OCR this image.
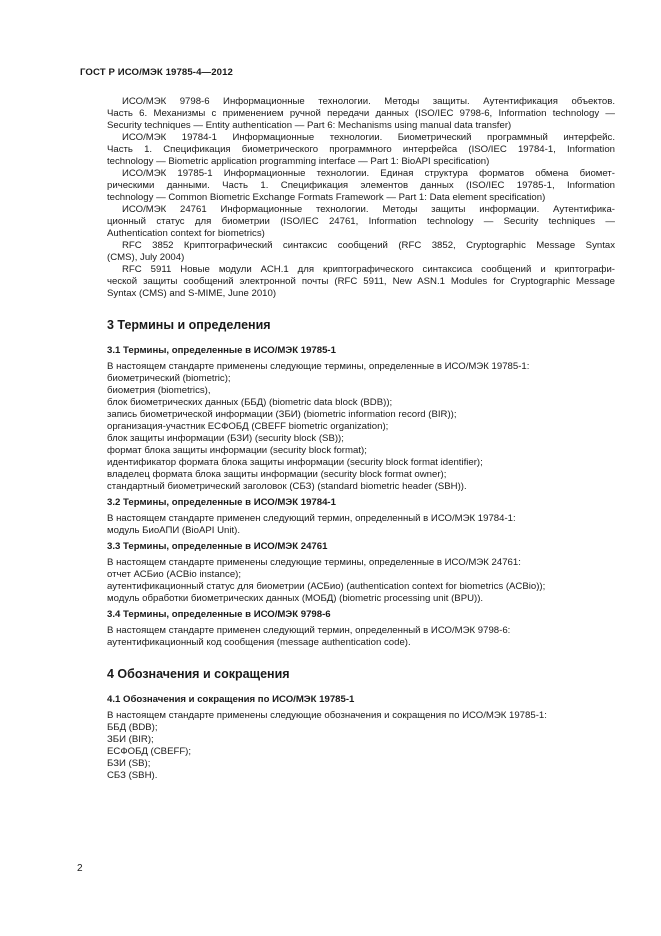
ГОСТ Р ИСО/МЭК 19785-4—2012
ИСО/МЭК 9798-6 Информационные технологии. Методы защиты. Аутентификация объектов.
Часть 6. Механизмы с применением ручной передачи данных (ISO/IEC 9798-6, Information technology —
Security techniques — Entity authentication — Part 6: Mechanisms using manual data transfer)
ИСО/МЭК 19784-1 Информационные технологии. Биометрический программный интерфейс.
Часть 1. Спецификация биометрического программного интерфейса (ISO/IEC 19784-1, Information
technology — Biometric application programming interface — Part 1: BioAPI specification)
ИСО/МЭК 19785-1 Информационные технологии. Единая структура форматов обмена биомет-
рическими данными. Часть 1. Спецификация элементов данных (ISO/IEC 19785-1, Information
technology — Common Biometric Exchange Formats Framework — Part 1: Data element specification)
ИСО/МЭК 24761 Информационные технологии. Методы защиты информации. Аутентифика-
ционный статус для биометрии (ISO/IEC 24761, Information technology — Security techniques —
Authentication context for biometrics)
RFC 3852 Криптографический синтаксис сообщений (RFC 3852, Cryptographic Message Syntax
(CMS), July 2004)
RFC 5911 Новые модули АСН.1 для криптографического синтаксиса сообщений и криптографи-
ческой защиты сообщений электронной почты (RFC 5911, New ASN.1 Modules for Cryptographic Message
Syntax (CMS) and S-MIME, June 2010)
3 Термины и определения
3.1 Термины, определенные в ИСО/МЭК 19785-1
В настоящем стандарте применены следующие термины, определенные в ИСО/МЭК 19785-1:
биометрический (biometric);
биометрия (biometrics),
блок биометрических данных (ББД) (biometric data block (BDB));
запись биометрической информации (ЗБИ) (biometric information record (BIR));
организация-участник ЕСФОБД (CBEFF biometric organization);
блок защиты информации (БЗИ) (security block (SB));
формат блока защиты информации (security block format);
идентификатор формата блока защиты информации (security block format identifier);
владелец формата блока защиты информации (security block format owner);
стандартный биометрический заголовок (СБЗ) (standard biometric header (SBH)).
3.2 Термины, определенные в ИСО/МЭК 19784-1
В настоящем стандарте применен следующий термин, определенный в ИСО/МЭК 19784-1:
модуль БиоАПИ (BioAPI Unit).
3.3 Термины, определенные в ИСО/МЭК 24761
В настоящем стандарте применены следующие термины, определенные в ИСО/МЭК 24761:
отчет АСБио (ACBio instance);
аутентификационный статус для биометрии (АСБио) (authentication context for biometrics (ACBio));
модуль обработки биометрических данных (МОБД) (biometric processing unit (BPU)).
3.4 Термины, определенные в ИСО/МЭК 9798-6
В настоящем стандарте применен следующий термин, определенный в ИСО/МЭК 9798-6:
аутентификационный код сообщения (message authentication code).
4 Обозначения и сокращения
4.1 Обозначения и сокращения по ИСО/МЭК 19785-1
В настоящем стандарте применены следующие обозначения и сокращения по ИСО/МЭК 19785-1:
ББД (BDB);
ЗБИ (BIR);
ЕСФОБД (CBEFF);
БЗИ (SB);
СБЗ (SBH).
2
